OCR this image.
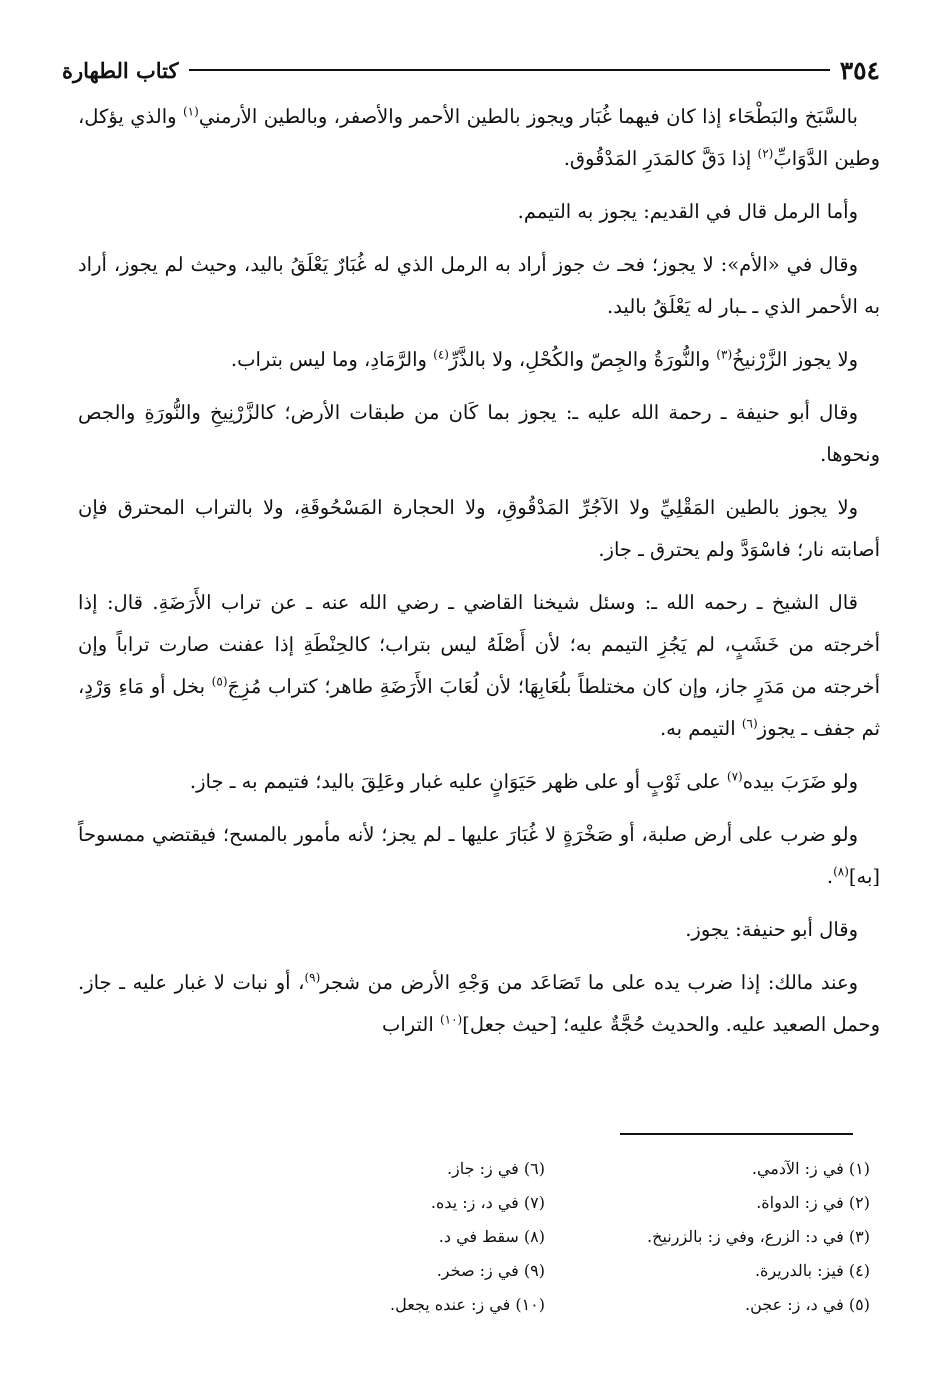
٣٥٤
كتاب الطهارة

بالسَّبَخ والبَطْحَاء إذا كان فيهما غُبَار ويجوز بالطين الأحمر والأصفر، وبالطين الأرمني$^{(١)}$ والذي يؤكل، وطين الدَّوَابِّ$^{(٢)}$ إذا دَقَّ كالمَدَرِ المَدْقُوق.

وأما الرمل قال في القديم: يجوز به التيمم.

وقال في «الأم»: لا يجوز؛ فحـ ث جوز أراد به الرمل الذي له غُبَارٌ يَعْلَقُ باليد، وحيث لم يجوز، أراد به الأحمر الذي ـ ـبار له يَعْلَقُ باليد.

ولا يجوز الزَّرْنيخُ$^{(٣)}$ والنُّورَةُ والجِصّ والكُحْلِ، ولا بالذَّرِّ$^{(٤)}$ والرَّمَادِ، وما ليس بتراب.

وقال أبو حنيفة ـ رحمة الله عليه ـ: يجوز بما كَان من طبقات الأرض؛ كالزَّرْنِيخِ والنُّورَةِ والجص ونحوها.

ولا يجوز بالطين المَقْلِيِّ ولا الآجُرِّ المَدْقُوقِ، ولا الحجارة المَسْحُوقَةِ، ولا بالتراب المحترق فإن أصابته نار؛ فاسْوَدَّ ولم يحترق ـ جاز.

قال الشيخ ـ رحمه الله ـ: وسئل شيخنا القاضي ـ رضي الله عنه ـ عن تراب الأَرَضَةِ. قال: إذا أخرجته من خَشَبٍ، لم يَجُزِ التيمم به؛ لأن أَصْلَهُ ليس بتراب؛ كالحِنْطَةِ إذا عفنت صارت تراباً وإن أخرجته من مَدَرٍ جاز، وإن كان مختلطاً بلُعَابِهَا؛ لأن لُعَابَ الأَرَضَةِ طاهر؛ كتراب مُزِجَ$^{(٥)}$ بخل أو مَاءِ وَرْدٍ، ثم جفف ـ يجوز$^{(٦)}$ التيمم به.

ولو ضَرَبَ بيده$^{(٧)}$ على ثَوْبٍ أو على ظهر حَيَوَانٍ عليه غبار وعَلِقَ باليد؛ فتيمم به ـ جاز.

ولو ضرب على أرض صلبة، أو صَخْرَةٍ لا غُبَارَ عليها ـ لم يجز؛ لأنه مأمور بالمسح؛ فيقتضي ممسوحاً [به]$^{(٨)}$.

وقال أبو حنيفة: يجوز.

وعند مالك: إذا ضرب يده على ما تَصَاعَد من وَجْهِ الأرض من شجر$^{(٩)}$، أو نبات لا غبار عليه ـ جاز. وحمل الصعيد عليه. والحديث حُجَّةٌ عليه؛ [حيث جعل]$^{(١٠)}$ التراب

(١) في ز: الآدمي.
(٢) في ز: الدواة.
(٣) في د: الزرع، وفي ز: بالزرنيخ.
(٤) فيز: بالدريرة.
(٥) في د، ز: عجن.
(٦) في ز: جاز.
(٧) في د، ز: يده.
(٨) سقط في د.
(٩) في ز: صخر.
(١٠) في ز: عنده يجعل.
